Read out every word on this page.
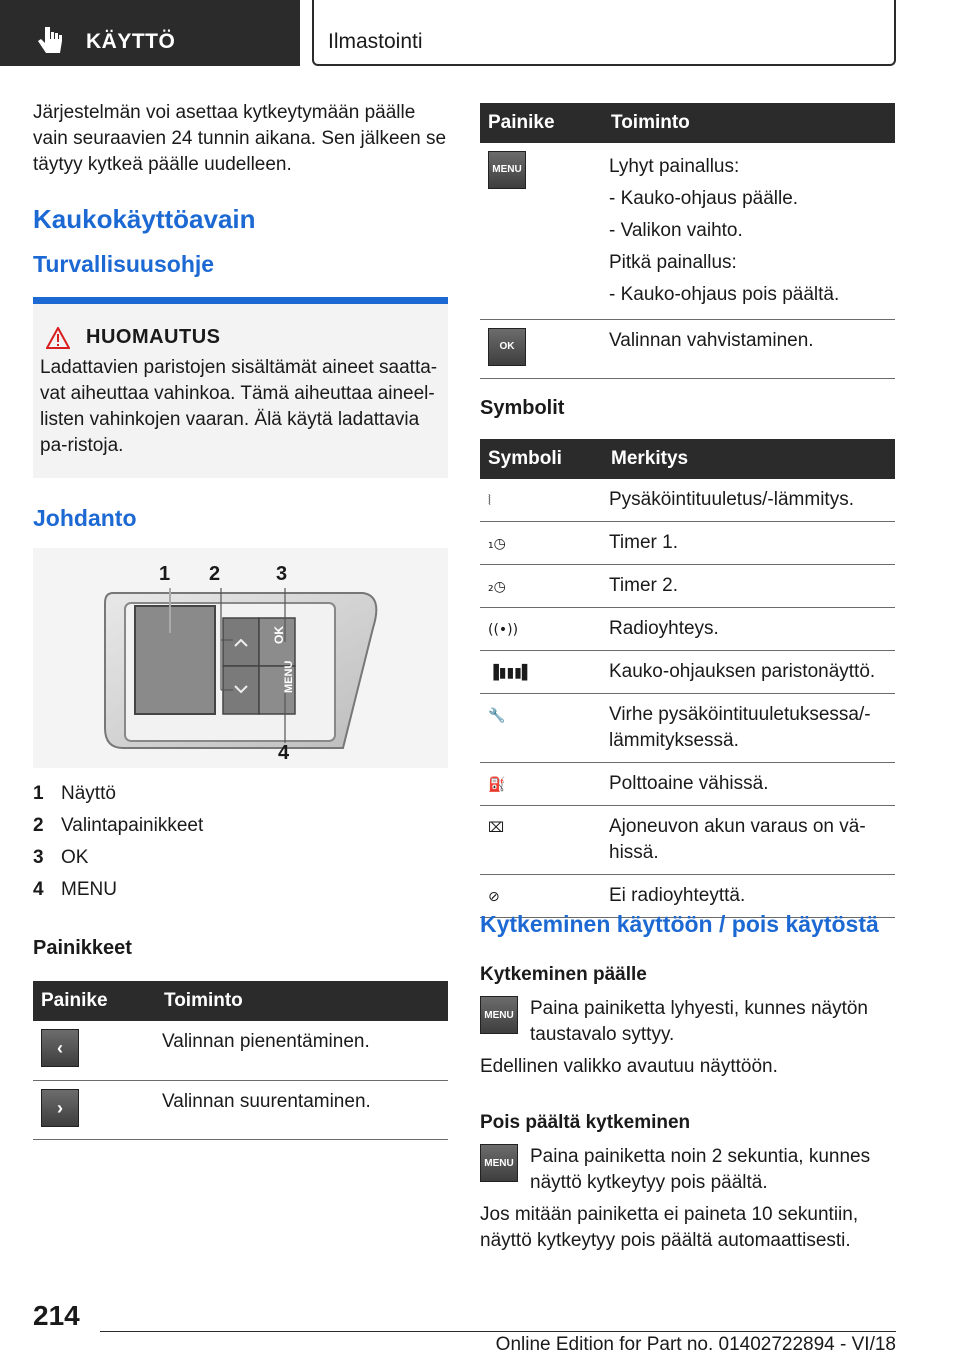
KÄYTTÖ	Ilmastointi

Järjestelmän voi asettaa kytkeytymään päälle vain seuraavien 24 tunnin aikana. Sen jälkeen se täytyy kytkeä päälle uudelleen.

Kaukokäyttöavain
Turvallisuusohje
HUOMAUTUS

Ladattavien paristojen sisältämät aineet saatta-vat aiheuttaa vahinkoa. Tämä aiheuttaa aineel-listen vahinkojen vaaran. Älä käytä ladattavia pa-ristoja.

Johdanto
OK
MENU
1 2	3
4
1 Näyttö
2 Valintapainikkeet
3 OK
4 MENU
Painikkeet
Painike	Toiminto

‹	Valinnan pienentäminen.

›	Valinnan suurentaminen.
Painike	Toiminto

MENU	Lyhyt painallus:
- Kauko-ohjaus päälle.
- Valikon vaihto.
Pitkä painallus:
- Kauko-ohjaus pois päältä.

OK	Valinnan vahvistaminen.
Symbolit
Symboli	Merkitys
⦚	Pysäköintituuletus/-lämmitys.
₁◷	Timer 1.
₂◷	Timer 2.
((•))	Radioyhteys.
▐▮▮▮▌	Kauko-ohjauksen paristonäyttö.
🔧	Virhe pysäköintituuletuksessa/-lämmityksessä.
⛽	Polttoaine vähissä.
⌧	Ajoneuvon akun varaus on vä-hissä.
⊘	Ei radioyhteyttä.
Kytkeminen käyttöön / pois käytöstä
Kytkeminen päälle
MENU Paina painiketta lyhyesti, kunnes näytön taustavalo syttyy.

Edellinen valikko avautuu näyttöön.

Pois päältä kytkeminen
MENU Paina painiketta noin 2 sekuntia, kunnes näyttö kytkeytyy pois päältä.

Jos mitään painiketta ei paineta 10 sekuntiin, näyttö kytkeytyy pois päältä automaattisesti.

214
Online Edition for Part no. 01402722894 - VI/18
